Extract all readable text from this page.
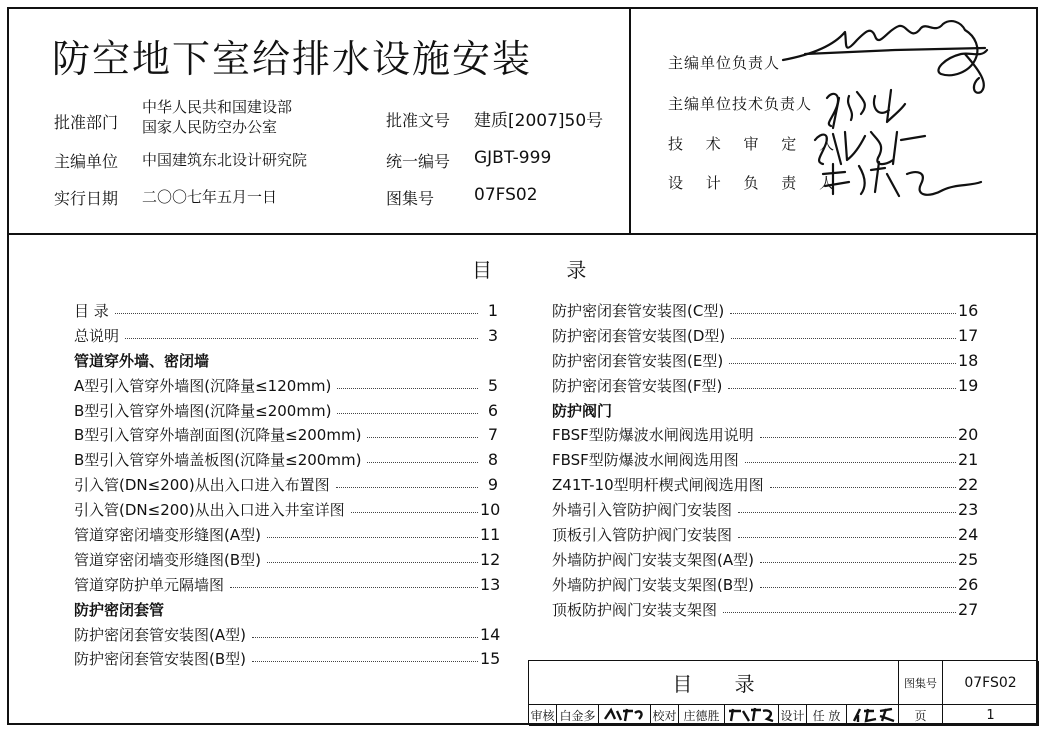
防空地下室给排水设施安装
批准部门
中华人民共和国建设部
国家人民防空办公室	批准文号 建质[2007]50号
主编单位 中国建筑东北设计研究院	统一编号 GJBT-999
实行日期 二〇〇七年五月一日	图集号 07FS02
主编单位负责人
主编单位技术负责人
技 术 审 定 人
设 计 负 责 人
目 录
目 录	1
总说明	3
管道穿外墙、密闭墙
A型引入管穿外墙图(沉降量≤120mm)	5
B型引入管穿外墙图(沉降量≤200mm)	6
B型引入管穿外墙剖面图(沉降量≤200mm)	7
B型引入管穿外墙盖板图(沉降量≤200mm)	8
引入管(DN≤200)从出入口进入布置图	9
引入管(DN≤200)从出入口进入井室详图	10
管道穿密闭墙变形缝图(A型)	11
管道穿密闭墙变形缝图(B型)	12
管道穿防护单元隔墙图	13
防护密闭套管
防护密闭套管安装图(A型)	14
防护密闭套管安装图(B型)	15
防护密闭套管安装图(C型)	16
防护密闭套管安装图(D型)	17
防护密闭套管安装图(E型)	18
防护密闭套管安装图(F型)	19
防护阀门
FBSF型防爆波水闸阀选用说明	20
FBSF型防爆波水闸阀选用图	21
Z41T-10型明杆楔式闸阀选用图	22
外墙引入管防护阀门安装图	23
顶板引入管防护阀门安装图	24
外墙防护阀门安装支架图(A型)	25
外墙防护阀门安装支架图(B型)	26
顶板防护阀门安装支架图	27
目 录	图集号	07FS02
审核 白金多	校对 庄德胜	设计 任 放	页	1
